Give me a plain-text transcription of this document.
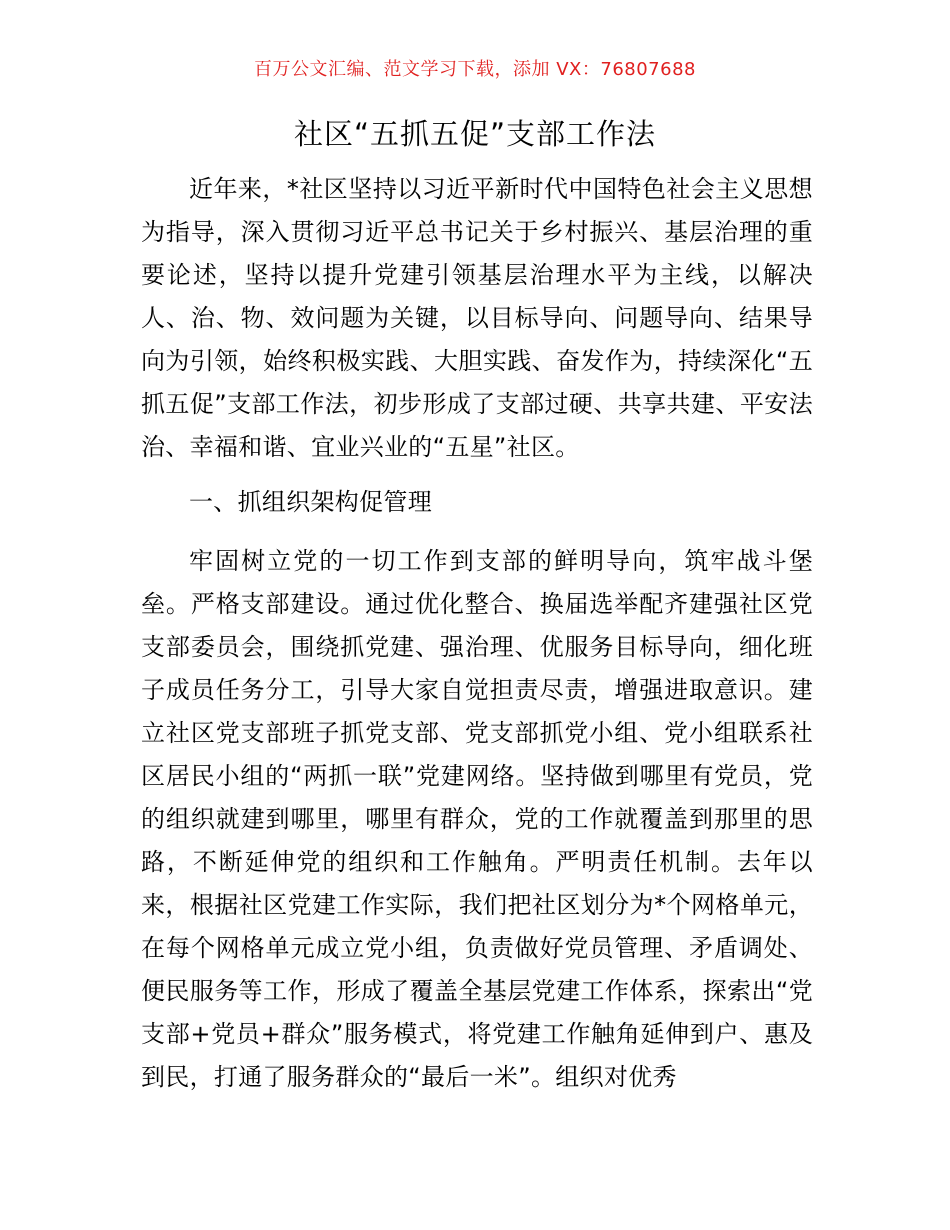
百万公文汇编、范文学习下载，添加 VX：76807688
社区“五抓五促”支部工作法

近年来，*社区坚持以习近平新时代中国特色社会主义思想为指导，深入贯彻习近平总书记关于乡村振兴、基层治理的重要论述，坚持以提升党建引领基层治理水平为主线，以解决人、治、物、效问题为关键，以目标导向、问题导向、结果导向为引领，始终积极实践、大胆实践、奋发作为，持续深化“五抓五促”支部工作法，初步形成了支部过硬、共享共建、平安法治、幸福和谐、宜业兴业的“五星”社区。

一、抓组织架构促管理

牢固树立党的一切工作到支部的鲜明导向，筑牢战斗堡垒。严格支部建设。通过优化整合、换届选举配齐建强社区党支部委员会，围绕抓党建、强治理、优服务目标导向，细化班子成员任务分工，引导大家自觉担责尽责，增强进取意识。建立社区党支部班子抓党支部、党支部抓党小组、党小组联系社区居民小组的“两抓一联”党建网络。坚持做到哪里有党员，党的组织就建到哪里，哪里有群众，党的工作就覆盖到那里的思路，不断延伸党的组织和工作触角。严明责任机制。去年以来，根据社区党建工作实际，我们把社区划分为*个网格单元，在每个网格单元成立党小组，负责做好党员管理、矛盾调处、便民服务等工作，形成了覆盖全基层党建工作体系，探索出“党支部+党员+群众”服务模式，将党建工作触角延伸到户、惠及到民，打通了服务群众的“最后一米”。组织对优秀
